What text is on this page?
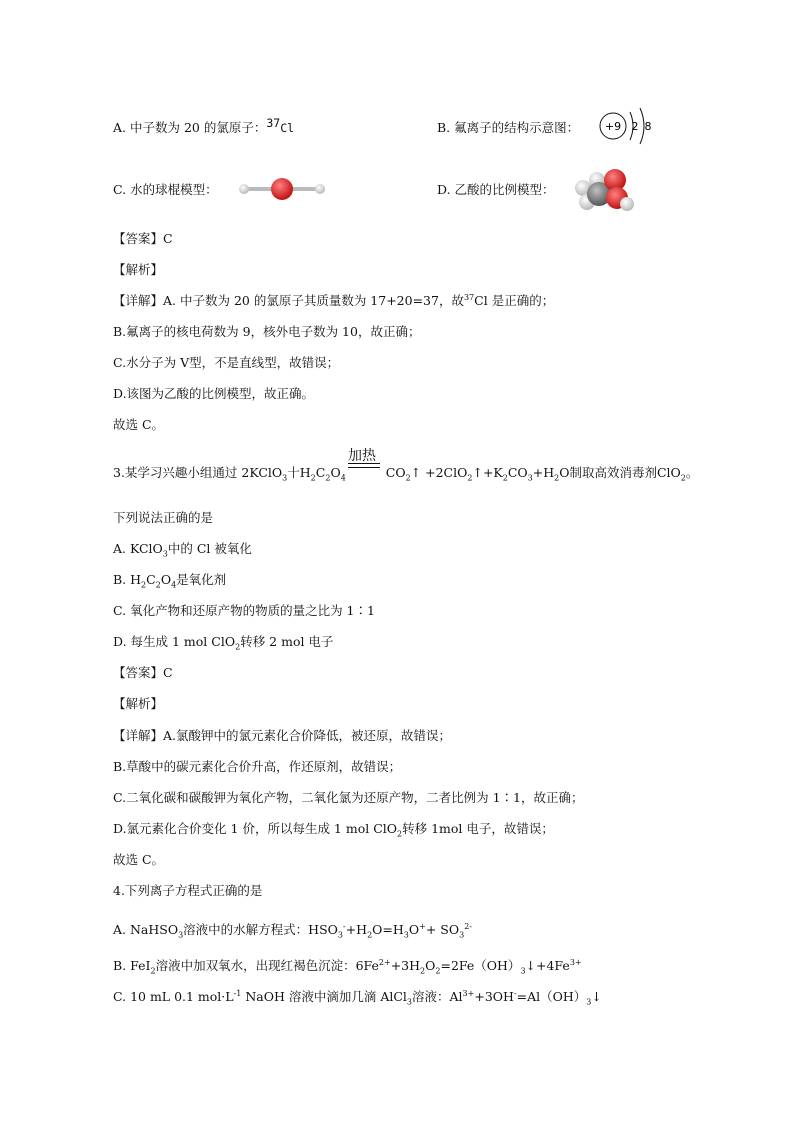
A. 中子数为 20 的氯原子：$^{37}$Cl	B. 氟离子的结构示意图： +9 2 8
C. 水的球棍模型：	D. 乙酸的比例模型：
【答案】C
【解析】
【详解】A. 中子数为 20 的氯原子其质量数为 17+20=37，故$^{37}$Cl 是正确的；
B.氟离子的核电荷数为 9，核外电子数为 10，故正确；
C.水分子为 V型，不是直线型，故错误；
D.该图为乙酸的比例模型，故正确。
故选 C。
加热
3.某学习兴趣小组通过 2KClO$_3$十$H_2C_2O_4$	$CO_2↑$ $+2ClO_2↑+K_2CO_3+H_2O$制取高效消毒剂ClO$_2$。
下列说法正确的是
A. KClO$_3$中的 Cl 被氧化
B. $H_2C_2O_4$是氧化剂
C. 氧化产物和还原产物的物质的量之比为 1∶1
D. 每生成 1 mol ClO$_2$转移 2 mol 电子
【答案】C
【解析】
【详解】A.氯酸钾中的氯元素化合价降低，被还原，故错误；
B.草酸中的碳元素化合价升高，作还原剂，故错误；
C.二氧化碳和碳酸钾为氧化产物，二氧化氯为还原产物，二者比例为 1∶1，故正确；
D.氯元素化合价变化 1 价，所以每生成 1 mol ClO$_2$转移 1mol 电子，故错误；
故选 C。
4.下列离子方程式正确的是
A. NaHSO$_3$溶液中的水解方程式：$HSO_3^-+H_2O=H_3O^++ SO_3^{2-}$
B. FeI$_2$溶液中加双氧水，出现红褐色沉淀：$6Fe^{2+}+3H_2O_2=2Fe(OH)_3↓+4Fe^{3+}$
C. 10 mL 0.1 $mol\cdot L^{-1}$ NaOH 溶液中滴加几滴 AlCl$_3$溶液：$Al^{3+}+3OH^-=Al(OH)_3↓$
